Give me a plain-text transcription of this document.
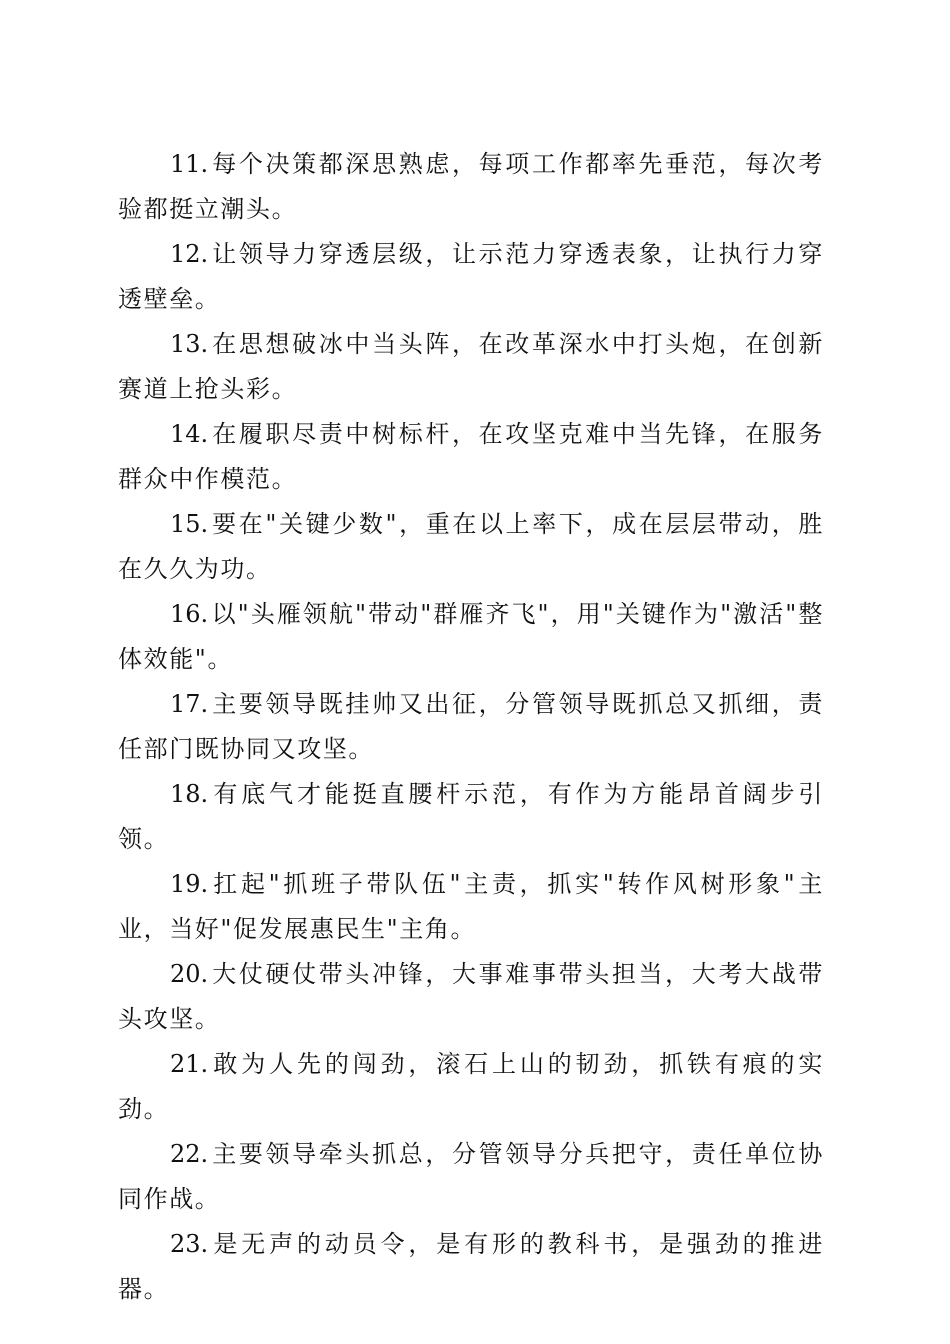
11. 每个决策都深思熟虑，每项工作都率先垂范，每次考验都挺立潮头。

12. 让领导力穿透层级，让示范力穿透表象，让执行力穿透壁垒。

13. 在思想破冰中当头阵，在改革深水中打头炮，在创新赛道上抢头彩。

14. 在履职尽责中树标杆，在攻坚克难中当先锋，在服务群众中作模范。

15. 要在"关键少数"，重在以上率下，成在层层带动，胜在久久为功。

16. 以"头雁领航"带动"群雁齐飞"，用"关键作为"激活"整体效能"。

17. 主要领导既挂帅又出征，分管领导既抓总又抓细，责任部门既协同又攻坚。

18. 有底气才能挺直腰杆示范，有作为方能昂首阔步引领。

19. 扛起"抓班子带队伍"主责，抓实"转作风树形象"主业，当好"促发展惠民生"主角。

20. 大仗硬仗带头冲锋，大事难事带头担当，大考大战带头攻坚。

21. 敢为人先的闯劲，滚石上山的韧劲，抓铁有痕的实劲。

22. 主要领导牵头抓总，分管领导分兵把守，责任单位协同作战。

23. 是无声的动员令，是有形的教科书，是强劲的推进器。
